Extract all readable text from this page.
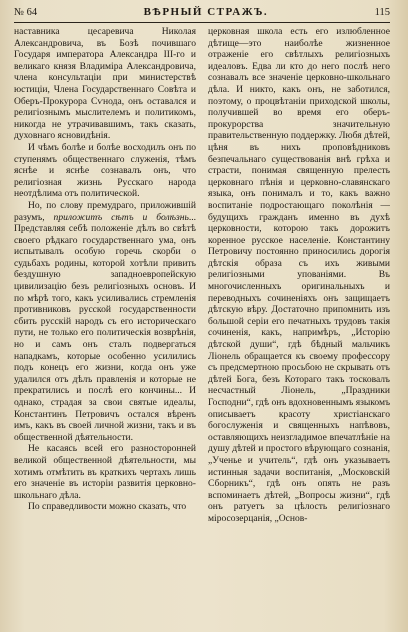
№ 64	ВѢРНЫЙ СТРАЖЪ.	115

наставника цесаревича Николая Александровича, въ Бозѣ почившаго Государя императора Александра III-го и великаго князя Владиміра Александровича, члена консультаціи при министерствѣ юстиціи, Члена Государственнаго Совѣта и Оберъ-Прокурора Сѵнода, онъ оставался и религіознымъ мыслителемъ и политикомъ, никогда не утрачивавшимъ, такъ сказать, духовнаго ясновидѣнія.

И чѣмъ болѣе и болѣе восходилъ онъ по ступенямъ общественнаго служенія, тѣмъ яснѣе и яснѣе сознавалъ онъ, что религіозная жизнь Русскаго народа неотдѣлима отъ политической.

Но, по слову премудраго, приложившій разумъ, приложитъ сѣтъ и болѣзнь... Представляя себѣ положеніе дѣлъ во свѣтѣ своего рѣдкаго государственнаго ума, онъ испытывалъ особую горечь скорби о судьбахъ родины, которой хотѣли привить бездушную западноевропейскую цивилизацію безъ религіозныхъ основъ. И по мѣрѣ того, какъ усиливались стремленія противниковъ русской государственности сбить русскій народъ съ его историческаго пути, не только его политическія возврѣнія, но и самъ онъ сталъ подвергаться нападкамъ, которые особенно усилились подъ конецъ его жизни, когда онъ уже удалился отъ дѣлъ правленія и которые не прекратились и послѣ его кончины... И однако, страдая за свои святые идеалы, Константинъ Петровичъ остался вѣренъ имъ, какъ въ своей личной жизни, такъ и въ общественной дѣятельности.

Не касаясь всей его разносторонней великой общественной дѣятельности, мы хотимъ отмѣтить въ краткихъ чертахъ лишь его значеніе въ исторіи развитія церковно-школьнаго дѣла.

По справедливости можно сказать, что

церковная школа есть его излюбленное дѣтище—это наиболѣе жизненное отраженіе его свѣтлыхъ религіозныхъ идеаловъ. Едва ли кто до него послѣ него сознавалъ все значеніе церковно-школьнаго дѣла. И никто, какъ онъ, не заботился, поэтому, о процвѣтаніи приходской школы, получившей во время его оберъ-прокурорства значительную правительственную поддержку. Любя дѣтей, цѣня въ нихъ проповѣдниковъ безпечальнаго существованія внѣ грѣха и страсти, понимая священную прелесть церковнаго пѣнія и церковно-славянскаго языка, онъ понималъ и то, какъ важно воспитаніе подростающаго поколѣнія — будущихъ гражданъ именно въ духѣ церковности, которою такъ дорожитъ коренное русское населеніе. Константину Петровичу постоянно приносились дорогія дѣтскія образа съ ихъ живыми религіозными упованіями. Въ многочисленныхъ оригинальныхъ и переводныхъ сочиненіяхъ онъ защищаетъ дѣтскую вѣру. Достаточно припомнить изъ большой серіи его печатныхъ трудовъ такія сочиненія, какъ, напримѣръ, „Исторію дѣтской души“, гдѣ бѣдный мальчикъ Ліонель обращается къ своему профессору съ предсмертною просьбою не скрывать отъ дѣтей Бога, безъ Котораго такъ тосковалъ несчастный Ліонель, „Праздники Господни“, гдѣ онъ вдохновеннымъ языкомъ описываетъ красоту христіанскаго богослуженія и священныхъ напѣвовъ, оставляющихъ неизгладимое впечатлѣніе на душу дѣтей и простого вѣрующаго сознанія, „Ученье и учитель“, гдѣ онъ указываетъ истинныя задачи воспитанія, „Московскій Сборникъ“, гдѣ онъ опять не разъ вспоминаетъ дѣтей, „Вопросы жизни“, гдѣ онъ ратуетъ за цѣлость религіознаго міросозерцанія, „Основ-
